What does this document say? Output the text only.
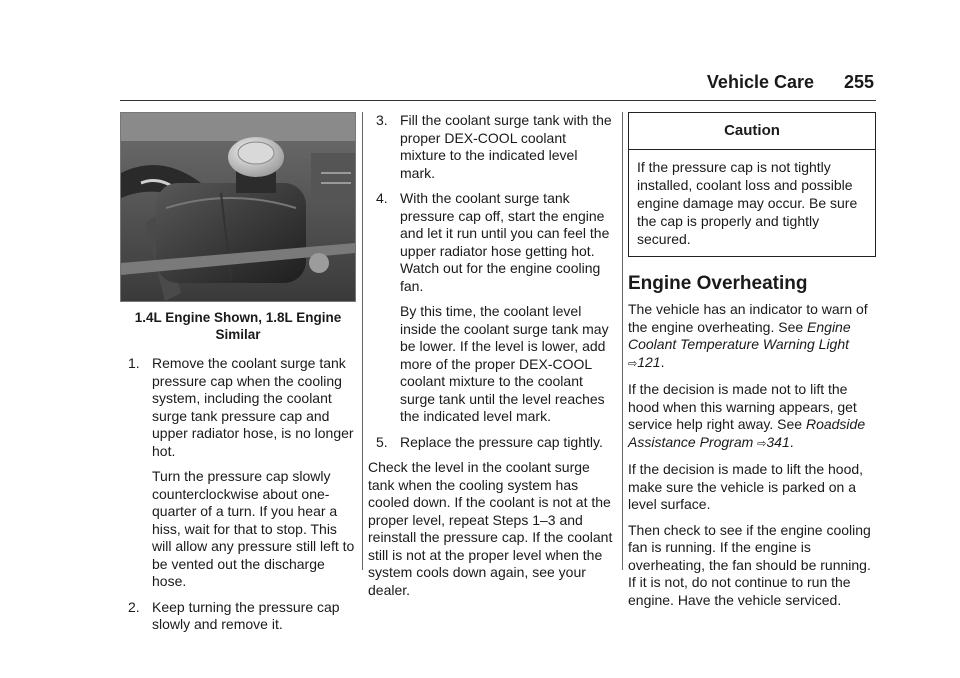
Vehicle Care 255
1.4L Engine Shown, 1.8L Engine
Similar
1. Remove the coolant surge tank pressure cap when the cooling system, including the coolant surge tank pressure cap and upper radiator hose, is no longer hot.
Turn the pressure cap slowly counterclockwise about one-quarter of a turn. If you hear a hiss, wait for that to stop. This will allow any pressure still left to be vented out the discharge hose.
2. Keep turning the pressure cap slowly and remove it.
3. Fill the coolant surge tank with the proper DEX-COOL coolant mixture to the indicated level mark.
4. With the coolant surge tank pressure cap off, start the engine and let it run until you can feel the upper radiator hose getting hot. Watch out for the engine cooling fan.
By this time, the coolant level inside the coolant surge tank may be lower. If the level is lower, add more of the proper DEX-COOL coolant mixture to the coolant surge tank until the level reaches the indicated level mark.
5. Replace the pressure cap tightly.

Check the level in the coolant surge tank when the cooling system has cooled down. If the coolant is not at the proper level, repeat Steps 1–3 and reinstall the pressure cap. If the coolant still is not at the proper level when the system cools down again, see your dealer.

Caution
If the pressure cap is not tightly installed, coolant loss and possible engine damage may occur. Be sure the cap is properly and tightly secured.
Engine Overheating

The vehicle has an indicator to warn of the engine overheating. See Engine Coolant Temperature Warning Light ⇨121.

If the decision is made not to lift the hood when this warning appears, get service help right away. See Roadside Assistance Program ⇨341.

If the decision is made to lift the hood, make sure the vehicle is parked on a level surface.

Then check to see if the engine cooling fan is running. If the engine is overheating, the fan should be running. If it is not, do not continue to run the engine. Have the vehicle serviced.
